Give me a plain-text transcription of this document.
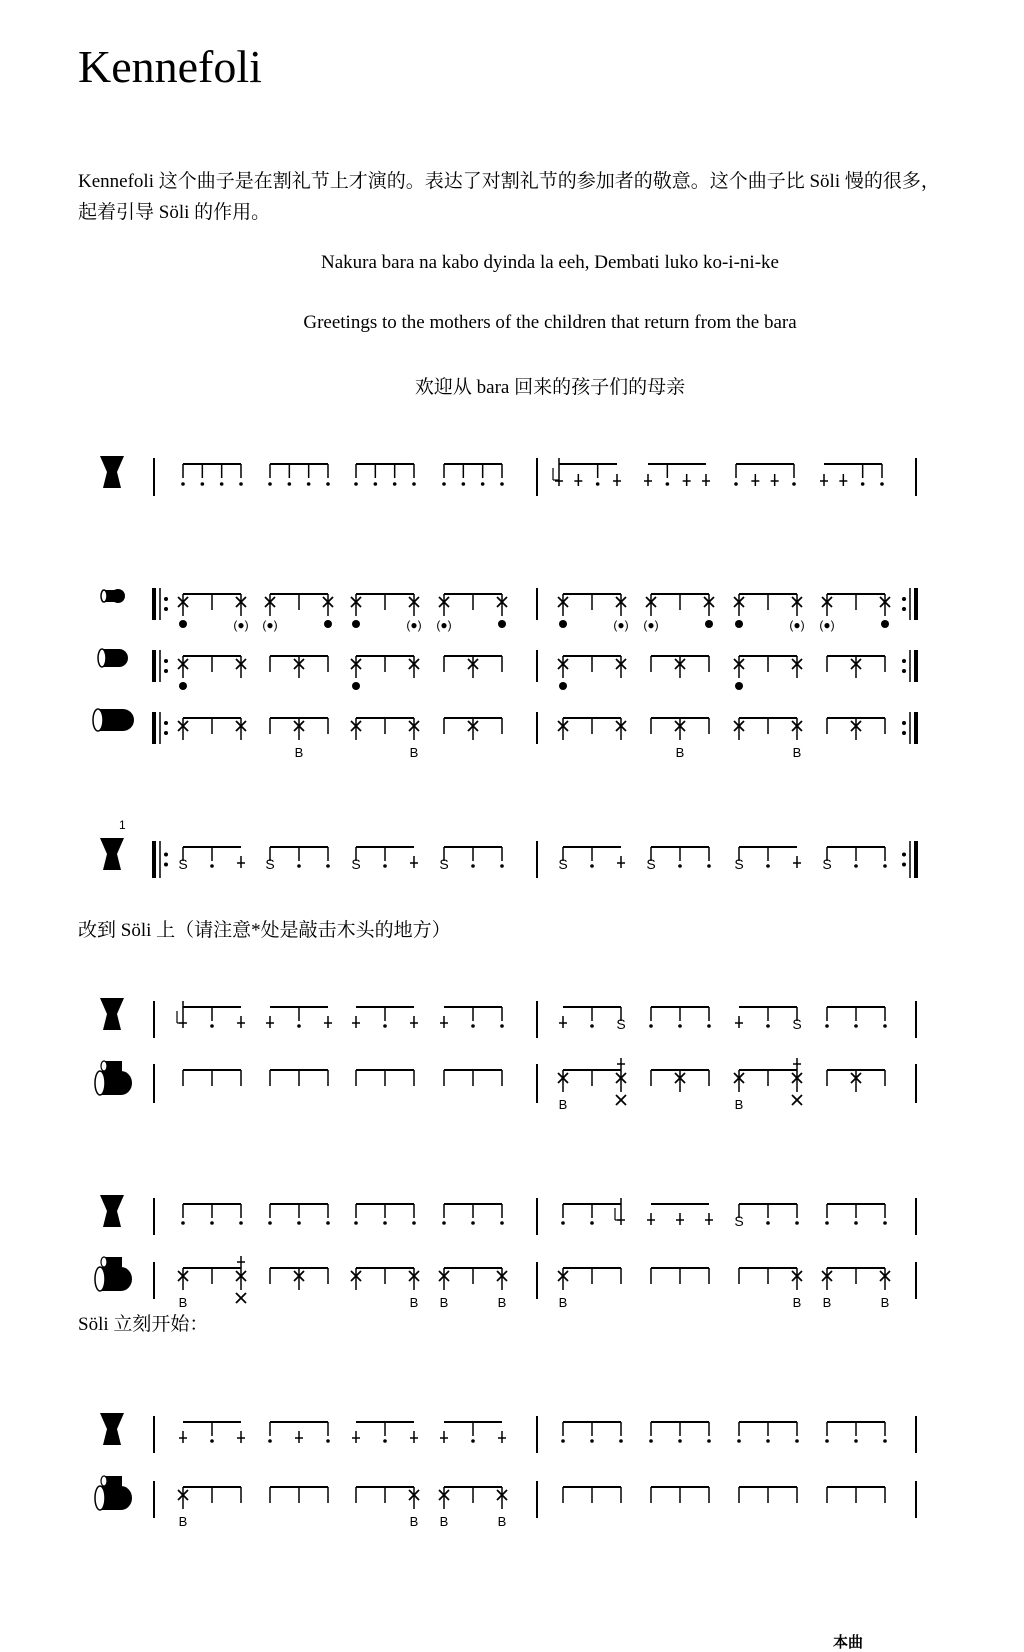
Kennefoli
Kennefoli 这个曲子是在割礼节上才演的。表达了对割礼节的参加者的敬意。这个曲子比 Söli 慢的很多，起着引导 Söli 的作用。
Nakura bara na kabo dyinda la eeh, Dembati luko ko-i-ni-ke
Greetings to the mothers of the children that return from the bara
欢迎从 bara 回来的孩子们的母亲
改到 Söli 上（请注意*处是敲击木头的地方）
Söli 立刻开始：
本曲
(●) (●)	(●) (●)	(●) (●)	(●) (●)
B	B	B	B
S	S	S	S	S	S	S	S
S	S
B	B
S
B	B B	B	B	B B	B
B	B B	B
1
